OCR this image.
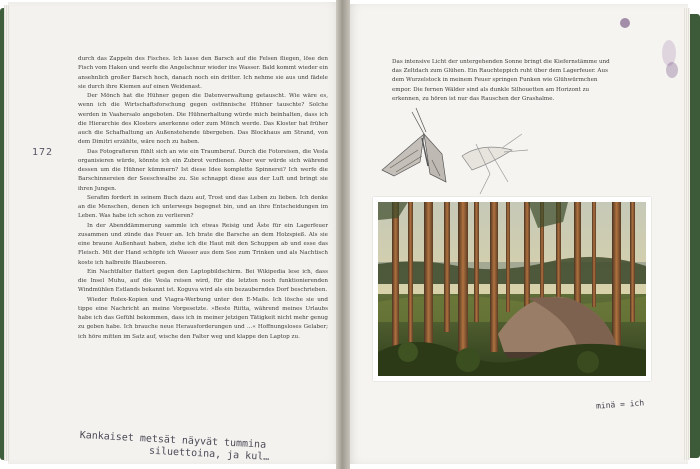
172

durch das Zappeln des Fisches. Ich lasse den Barsch auf die Felsen fliegen, löse den Fisch vom Haken und werfe die Angelschnur wieder ins Wasser. Bald kommt wieder ein ansehnlich großer Barsch hoch, danach noch ein dritter. Ich nehme sie aus und fädele sie durch ihre Kiemen auf einen Weidenast.

Der Mönch hat die Hühner gegen die Datenverwaltung getauscht. Wie wäre es, wenn ich die Wirtschaftsforschung gegen ostfinnische Hühner tauschte? Solche werden in Vaahersalo angeboten. Die Hühnerhaltung würde mich beinhalten, dass ich die Hierarchie des Klosters anerkenne oder zum Mönch werde. Das Kloster hat früher auch die Schafhaltung an Außenstehende übergeben. Das Blockhaus am Strand, von dem Dimitri erzählte, wäre noch zu haben.

Das Fotografieren fühlt sich an wie ein Traumberuf. Durch die Fotoreisen, die Vesla organisieren würde, könnte ich ein Zubrot verdienen. Aber wer würde sich während dessen um die Hühner kümmern? Ist diese Idee komplette Spinnerei? Ich werfe die Barschinnereien der Seeschwalbe zu. Sie schnappt diese aus der Luft und bringt sie ihren Jungen.

Serafim fordert in seinem Buch dazu auf, Trost und das Leben zu lieben. Ich denke an die Menschen, denen ich unterwegs begegnet bin, und an ihre Entscheidungen im Leben. Was habe ich schon zu verlieren?

In der Abenddämmerung sammle ich etwas Reisig und Äste für ein Lagerfeuer zusammen und zünde das Feuer an. Ich brate die Barsche an dem Holzspieß. Als sie eine braune Außenhaut haben, ziehe ich die Haut mit den Schuppen ab und esse das Fleisch. Mit der Hand schöpfe ich Wasser aus dem See zum Trinken und als Nachtisch koste ich halbreife Blaubeeren.

Ein Nachtfalter flattert gegen den Laptopbildschirm. Bei Wikipedia lese ich, dass die Insel Muhu, auf die Vesla reisen wird, für die letzten noch funktionierenden Windmühlen Estlands bekannt ist. Koguva wird als ein bezauberndes Dorf beschrieben.

Wieder Rolex-Kopien und Viagra-Werbung unter den E-Mails. Ich lösche sie und tippe eine Nachricht an meine Vorgesetzte. »Beste Riitta, während meines Urlaubs habe ich das Gefühl bekommen, dass ich in meiner jetzigen Tätigkeit nicht mehr genug zu geben habe. Ich brauche neue Herausforderungen und …« Hoffnungsloses Gelaber; ich höre mitten im Satz auf, wische den Falter weg und klappe den Laptop zu.

Kankaiset metsät näyvät tummina
siluettoina, ja kul…
Das intensive Licht der untergehenden Sonne bringt die Kiefernstämme und das Zeltdach zum Glühen. Ein Rauchteppich ruht über dem Lagerfeuer. Aus dem Wurzelstock in meinem Feuer springen Funken wie Glühwürmchen empor. Die fernen Wälder sind als dunkle Silhouetten am Horizont zu erkennen, zu hören ist nur das Rauschen der Grashalme.
minä = ich
